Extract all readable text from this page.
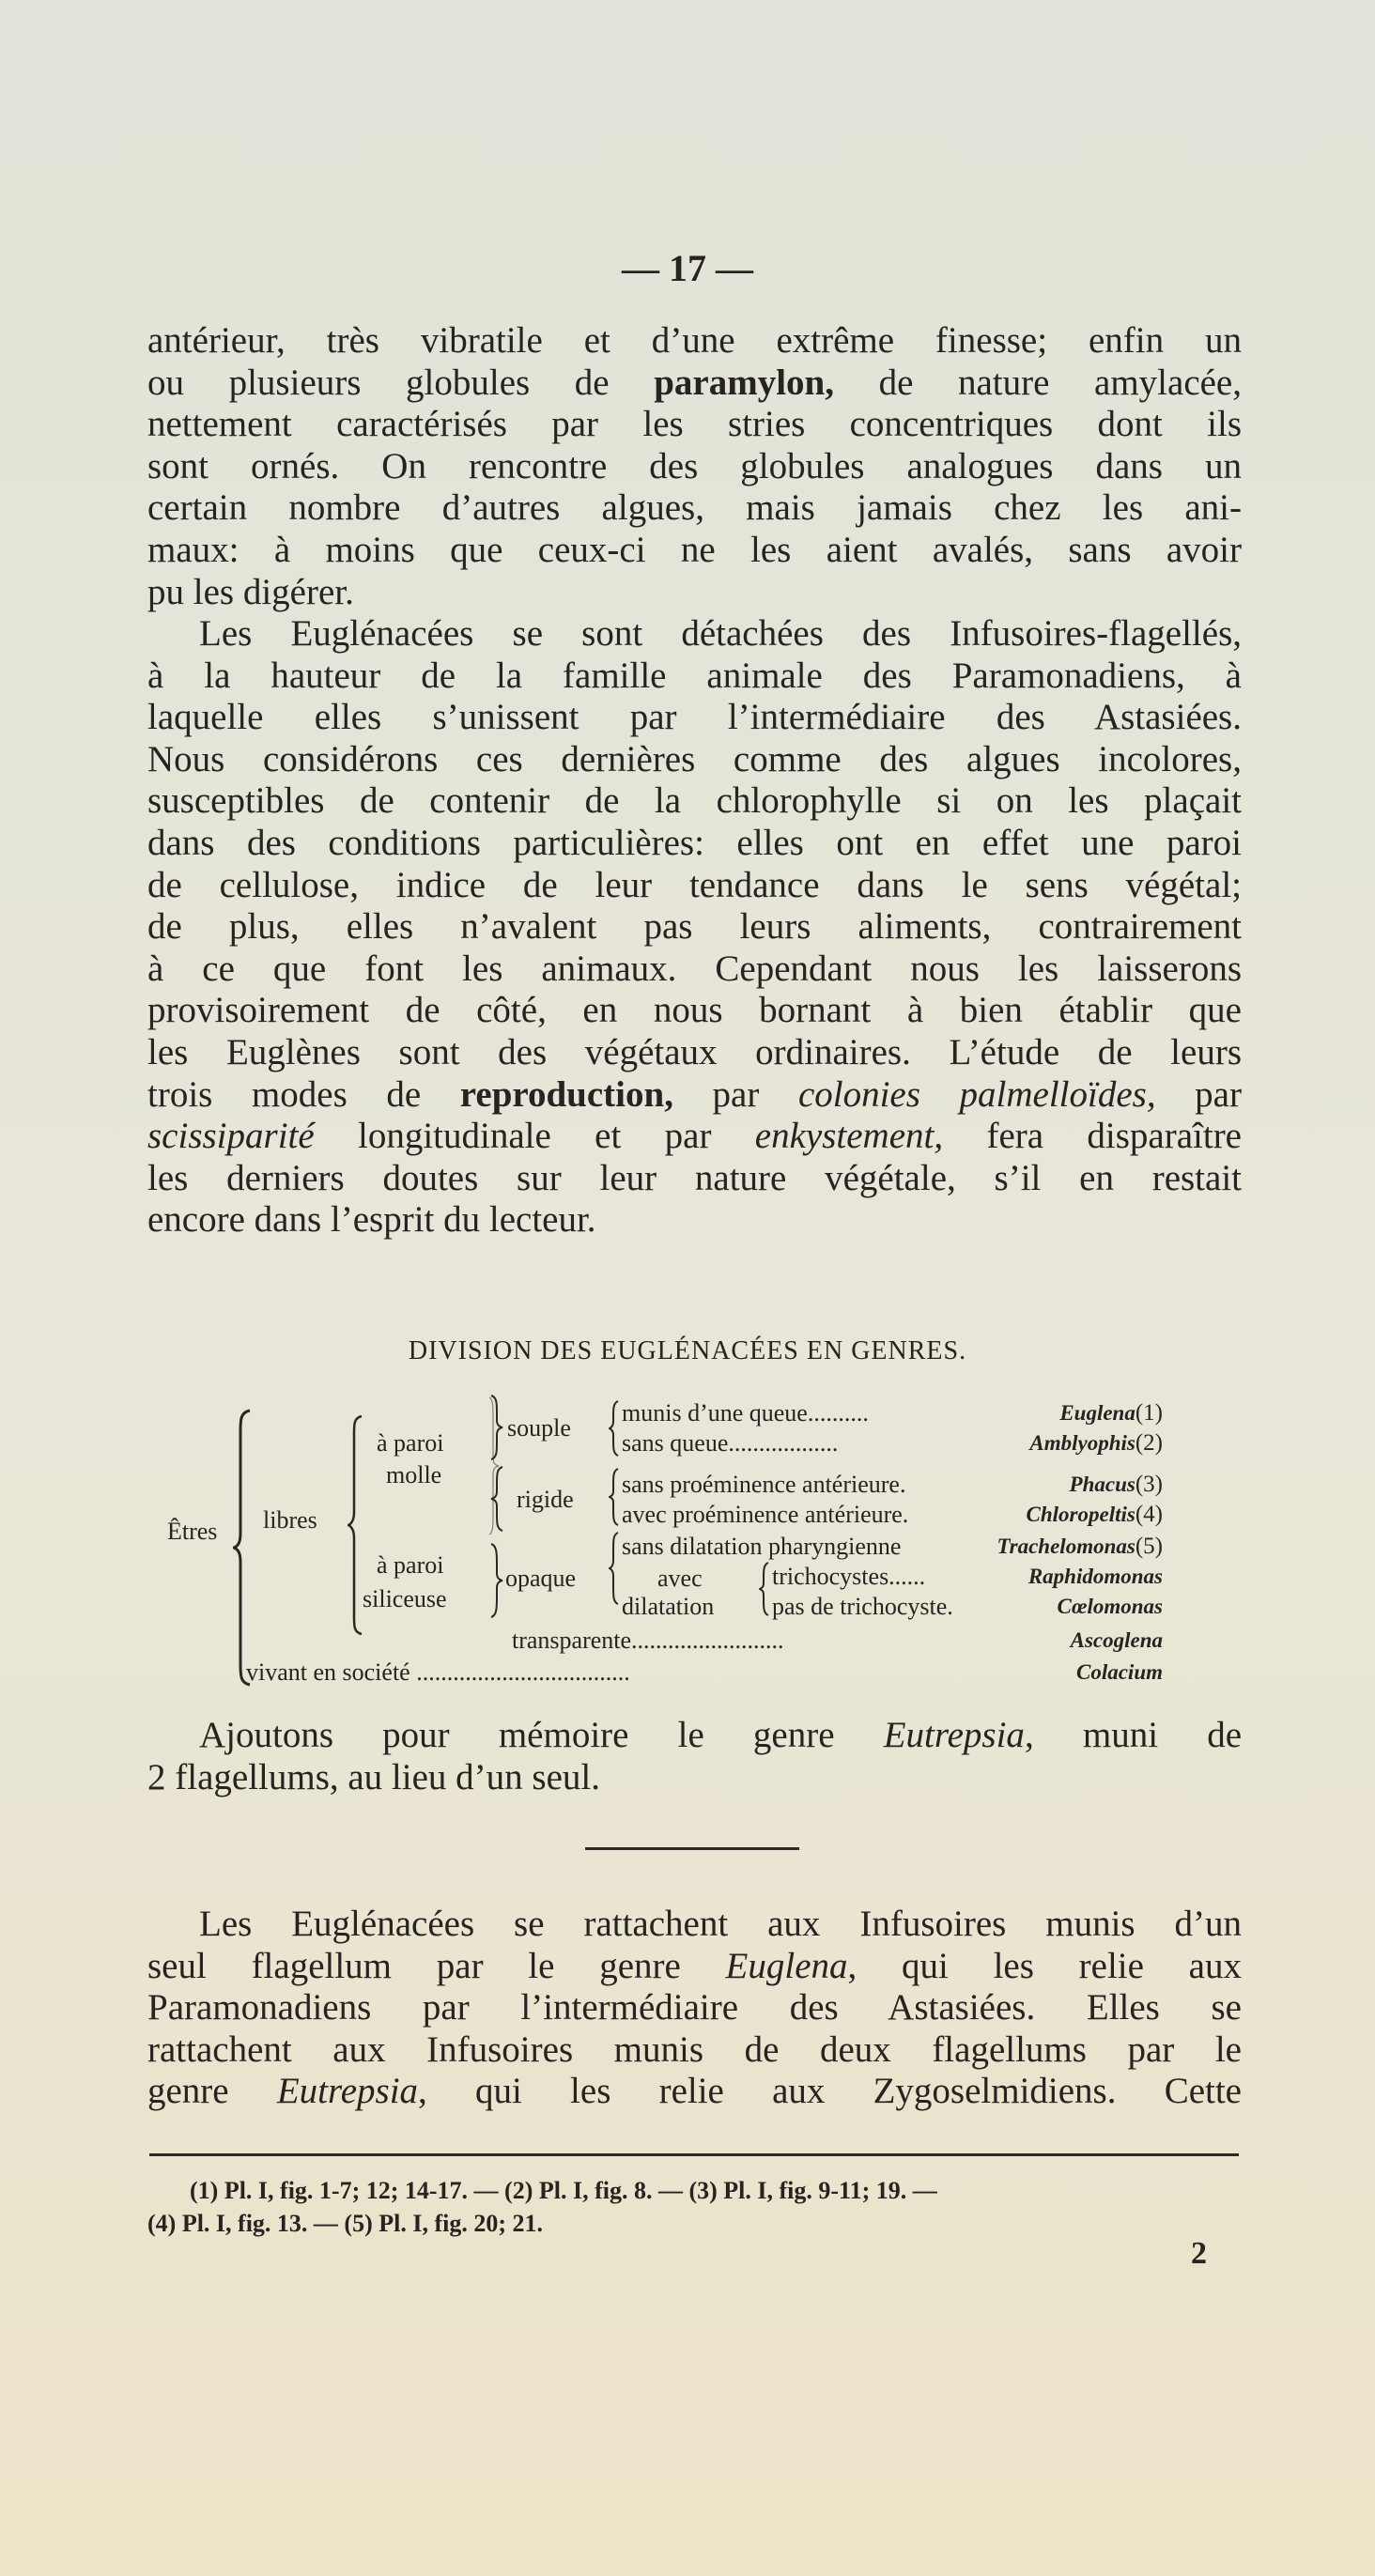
— 17 —
antérieur, très vibratile et d’une extrême finesse; enfin un
ou plusieurs globules de paramylon, de nature amylacée,
nettement caractérisés par les stries concentriques dont ils
sont ornés. On rencontre des globules analogues dans un
certain nombre d’autres algues, mais jamais chez les ani-
maux: à moins que ceux-ci ne les aient avalés, sans avoir
pu les digérer.
Les Euglénacées se sont détachées des Infusoires-flagellés,
à la hauteur de la famille animale des Paramonadiens, à
laquelle elles s’unissent par l’intermédiaire des Astasiées.
Nous considérons ces dernières comme des algues incolores,
susceptibles de contenir de la chlorophylle si on les plaçait
dans des conditions particulières: elles ont en effet une paroi
de cellulose, indice de leur tendance dans le sens végétal;
de plus, elles n’avalent pas leurs aliments, contrairement
à ce que font les animaux. Cependant nous les laisserons
provisoirement de côté, en nous bornant à bien établir que
les Euglènes sont des végétaux ordinaires. L’étude de leurs
trois modes de reproduction, par colonies palmelloïdes, par
scissiparité longitudinale et par enkystement, fera disparaître
les derniers doutes sur leur nature végétale, s’il en restait
encore dans l’esprit du lecteur.
DIVISION DES EUGLÉNACÉES EN GENRES.
Êtres libres
à paroi
molle
à paroi
siliceuse
souple
rigide
opaque	avec
munis d’une queue..........
sans queue..................
sans proéminence antérieure.
avec proéminence antérieure.
sans dilatation pharyngienne
trichocystes......
dilatation pas de trichocyste.
transparente.........................
vivant en société ...................................
Euglena(1)
Amblyophis(2)
Phacus(3)
Chloropeltis(4)
Trachelomonas(5)
Raphidomonas
Cœlomonas
Ascoglena
Colacium
Ajoutons pour mémoire le genre Eutrepsia, muni de
2 flagellums, au lieu d’un seul.
Les Euglénacées se rattachent aux Infusoires munis d’un
seul flagellum par le genre Euglena, qui les relie aux
Paramonadiens par l’intermédiaire des Astasiées. Elles se
rattachent aux Infusoires munis de deux flagellums par le
genre Eutrepsia, qui les relie aux Zygoselmidiens. Cette
(1) Pl. I, fig. 1-7; 12; 14-17. — (2) Pl. I, fig. 8. — (3) Pl. I, fig. 9-11; 19. —
(4) Pl. I, fig. 13. — (5) Pl. I, fig. 20; 21.
2
